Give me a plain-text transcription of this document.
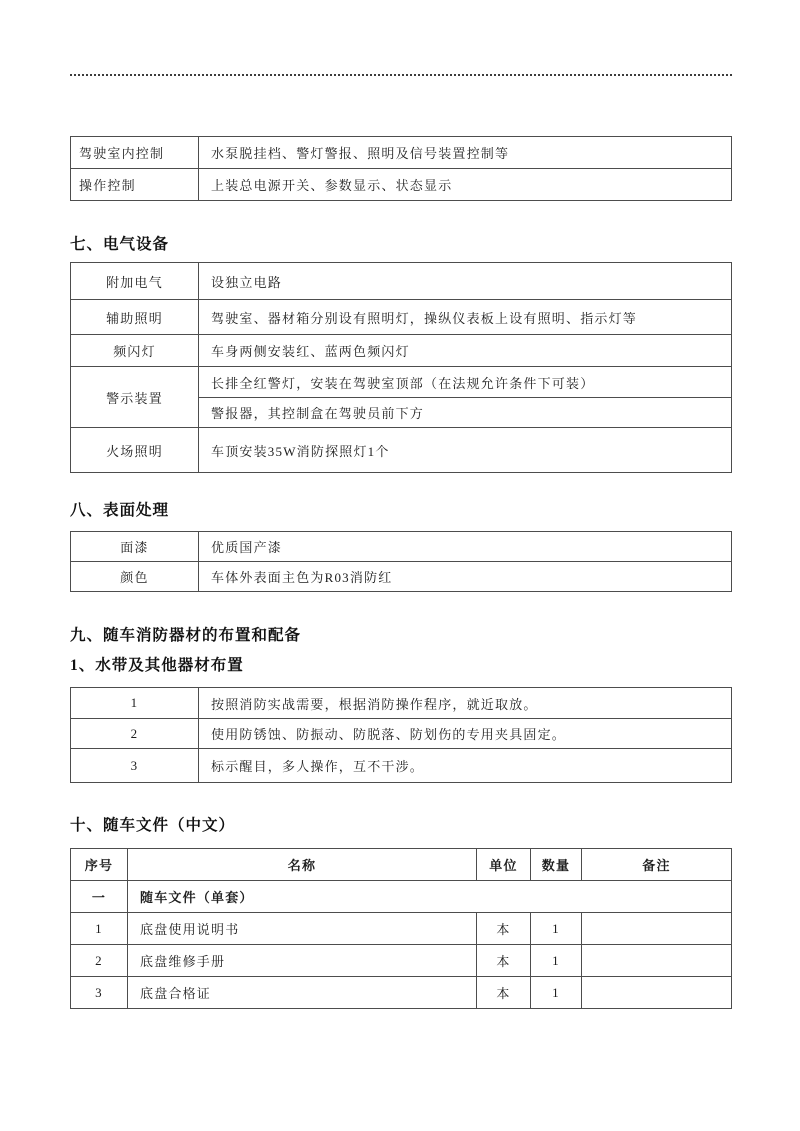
驾驶室内控制	水泵脱挂档、警灯警报、照明及信号装置控制等
操作控制	上装总电源开关、参数显示、状态显示
七、电气设备
附加电气	设独立电路
辅助照明	驾驶室、器材箱分别设有照明灯，操纵仪表板上设有照明、指示灯等
频闪灯	车身两侧安装红、蓝两色频闪灯
警示装置	长排全红警灯，安装在驾驶室顶部（在法规允许条件下可装）
	警报器，其控制盒在驾驶员前下方
火场照明	车顶安装35W消防探照灯1个
八、表面处理
面漆	优质国产漆
颜色	车体外表面主色为R03消防红
九、随车消防器材的布置和配备
1、水带及其他器材布置
1	按照消防实战需要，根据消防操作程序，就近取放。
2	使用防锈蚀、防振动、防脱落、防划伤的专用夹具固定。
3	标示醒目，多人操作，互不干涉。
十、随车文件（中文）
序号	名称	单位	数量	备注
一	随车文件（单套）			
1	底盘使用说明书	本	1	
2	底盘维修手册	本	1	
3	底盘合格证	本	1	
